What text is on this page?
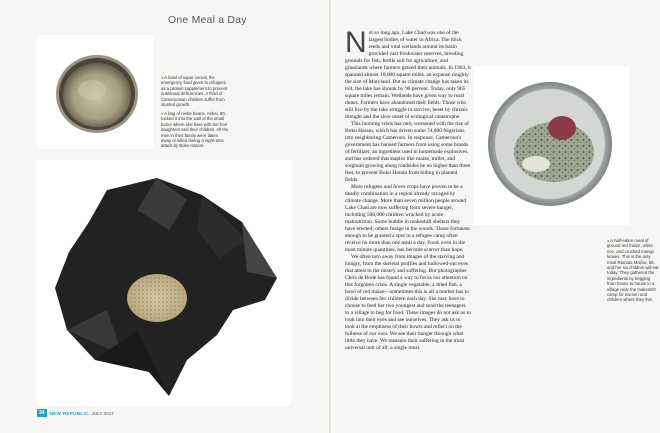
One Meal a Day
◂A bowl of super cereal, the emergency food given to refugees as a protein supplement to prevent nutritional deficiencies. A third of Cameroonian children suffer from stunted growth.
▾A bag of niebe beans. Ashei, 80, tucked it into the wall of the small home where she lives with her four daughters and their children. All the men in their family were taken away or killed during a night-time attack by Boko Haram.
34	NEW REPUBLIC JULY 2017

Not so long ago, Lake Chad was one of the largest bodies of water in Africa. The thick reeds and vital wetlands around its basin provided vast freshwater reserves, breeding grounds for fish, fertile soil for agriculture, and grasslands where farmers grazed their animals. In 1963, it spanned almost 10,000 square miles, an expanse roughly the size of Maryland. But as climate change has taken its toll, the lake has shrunk by 90 percent. Today, only 965 square miles remain. Wetlands have given way to rural dunes. Farmers have abandoned their fields. Those who still live by the lake struggle to survive, beset by chronic drought and the slow onset of ecological catastrophe.

This looming crisis has only worsened with the rise of Boko Haram, which has driven some 74,000 Nigerians into neighboring Cameroon. In response, Cameroon's government has banned farmers from using some brands of fertilizer, an ingredient used in homemade explosives, and has ordered that staples like maize, millet, and sorghum growing along roadsides be no higher than three feet, to prevent Boko Haram from hiding in planted fields.

More refugees and fewer crops have proven to be a deadly combination in a region already ravaged by climate change. More than seven million people around Lake Chad are now suffering from severe hunger, including 500,000 children wracked by acute malnutrition. Some huddle in makeshift shelters they have erected; others forage in the woods. Those fortunate enough to be granted a spot in a refugee camp often receive no more than one meal a day. Food, even in the most minute quantities, has become scarcer than hope.

We often turn away from images of the starving and hungry, from the skeletal profiles and hollowed-out eyes that attest to the misery and suffering. But photographer Chris de Bode has found a way to focus our attention on this forgotten crisis. A single vegetable, a dried fish, a bowl of red maize—sometimes this is all a mother has to divide between her children each day. She may have to choose to feed her two youngest and send the teenagers to a village to beg for food. These images do not ask us to look into their eyes and see ourselves. They ask us to look at the emptiness of their bowls and reflect on the fullness of our own. We see their hunger through what little they have. We measure their suffering in the most universal unit of all: a single meal.

▴A half-eaten meal of ground red maize, white rice, and crushed mango leaves. This is the only meal Ramata Misfou, 58, and her six children will eat today. They gathered the ingredients by begging from house to house in a village near the makeshift camp for women and children where they live.
